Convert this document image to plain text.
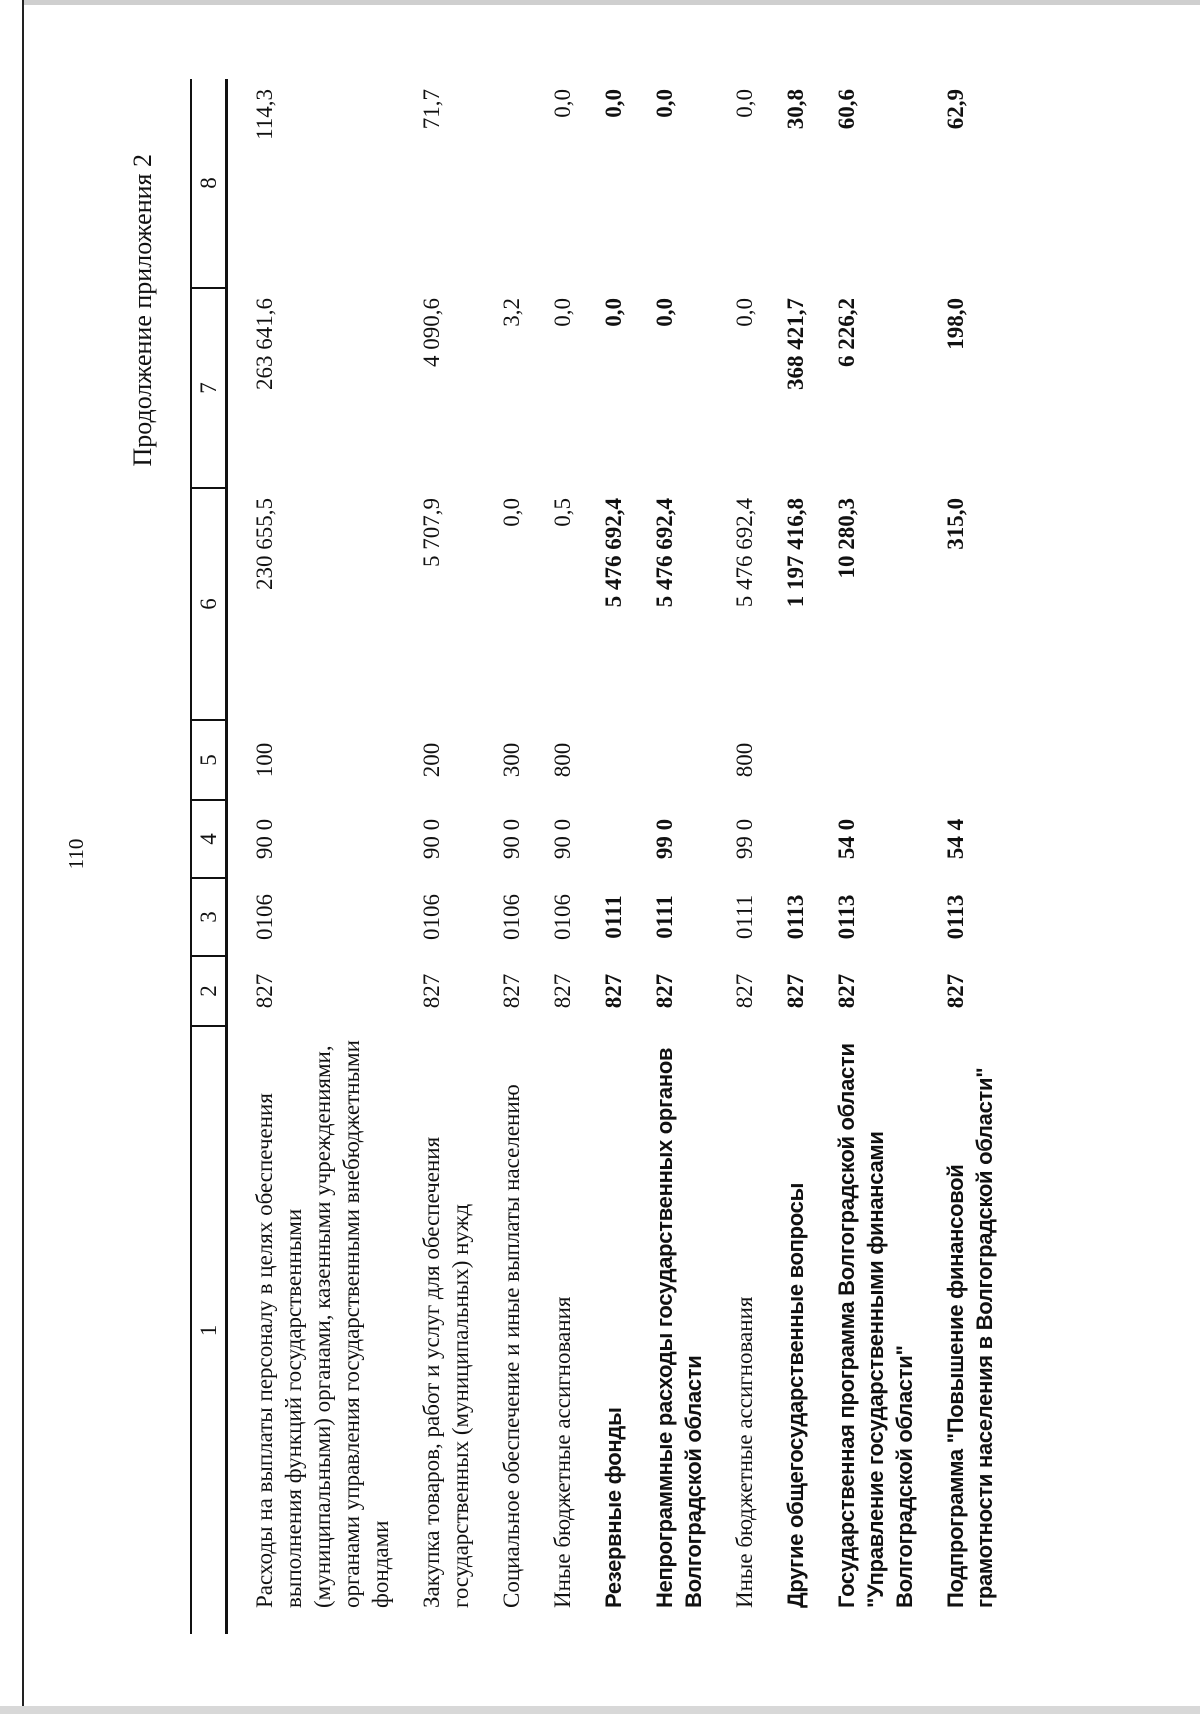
110
Продолжение приложения 2
1	2	3	4	5	6	7	8
Расходы на выплаты персоналу в целях обеспечения выполнения функций государственными (муниципальными) органами, казенными учреждениями, органами управления государственными внебюджетными фондами	827	0106	90 0	100	230 655,5	263 641,6	114,3
Закупка товаров, работ и услуг для обеспечения государственных (муниципальных) нужд	827	0106	90 0	200	5 707,9	4 090,6	71,7
Социальное обеспечение и иные выплаты населению	827	0106	90 0	300	0,0	3,2	
Иные бюджетные ассигнования	827	0106	90 0	800	0,5	0,0	0,0
Резервные фонды	827	0111			5 476 692,4	0,0	0,0
Непрограммные расходы государственных органов Волгоградской области	827	0111	99 0		5 476 692,4	0,0	0,0
Иные бюджетные ассигнования	827	0111	99 0	800	5 476 692,4	0,0	0,0
Другие общегосударственные вопросы	827	0113			1 197 416,8	368 421,7	30,8
Государственная программа Волгоградской области "Управление государственными финансами Волгоградской области"	827	0113	54 0		10 280,3	6 226,2	60,6
Подпрограмма "Повышение финансовой грамотности населения в Волгоградской области"	827	0113	54 4		315,0	198,0	62,9
